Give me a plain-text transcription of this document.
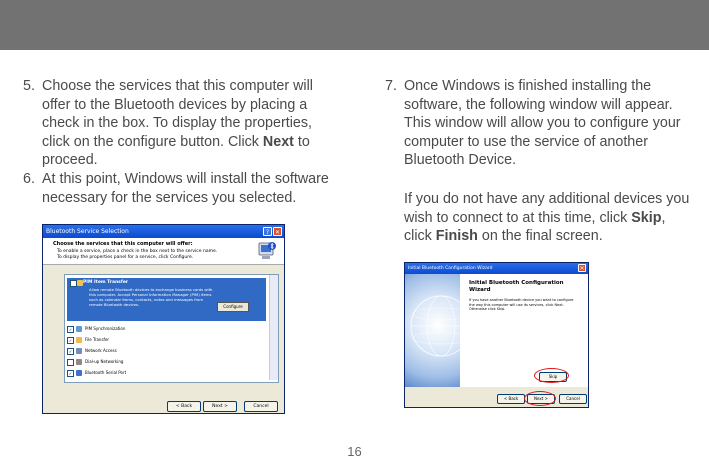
5. Choose the services that this computer will offer to the Bluetooth devices by placing a check in the box. To display the properties, click on the configure button. Click Next to proceed.
6. At this point, Windows will install the software necessary for the services you selected.
7. Once Windows is finished installing the software, the following window will appear. This window will allow you to configure your computer to use the service of another Bluetooth Device.
If you do not have any additional devices you wish to connect to at this time, click Skip, click Finish on the final screen.
Bluetooth Service Selection	? ✕
Choose the services that this computer will offer:
To enable a service, place a check in the box next to the service name.
To display the properties panel for a service, click Configure.
✓	PIM Item Transfer
Allow remote Bluetooth devices to exchange business cards with this computer. Accept Personal Information Manager (PIM) items such as calendar items, contacts, notes and messages from remote Bluetooth devices.	Configure
✓	PIM Synchronization
✓	File Transfer
✓	Network Access
Dial-up Networking
✓	Bluetooth Serial Port
< Back	Next >	Cancel
Initial Bluetooth Configuration Wizard	✕
Initial Bluetooth Configuration Wizard
If you have another Bluetooth device you want to configure the way this computer will use its services, click Next. Otherwise click Skip.
Skip
< Back	Next >	Cancel
16
